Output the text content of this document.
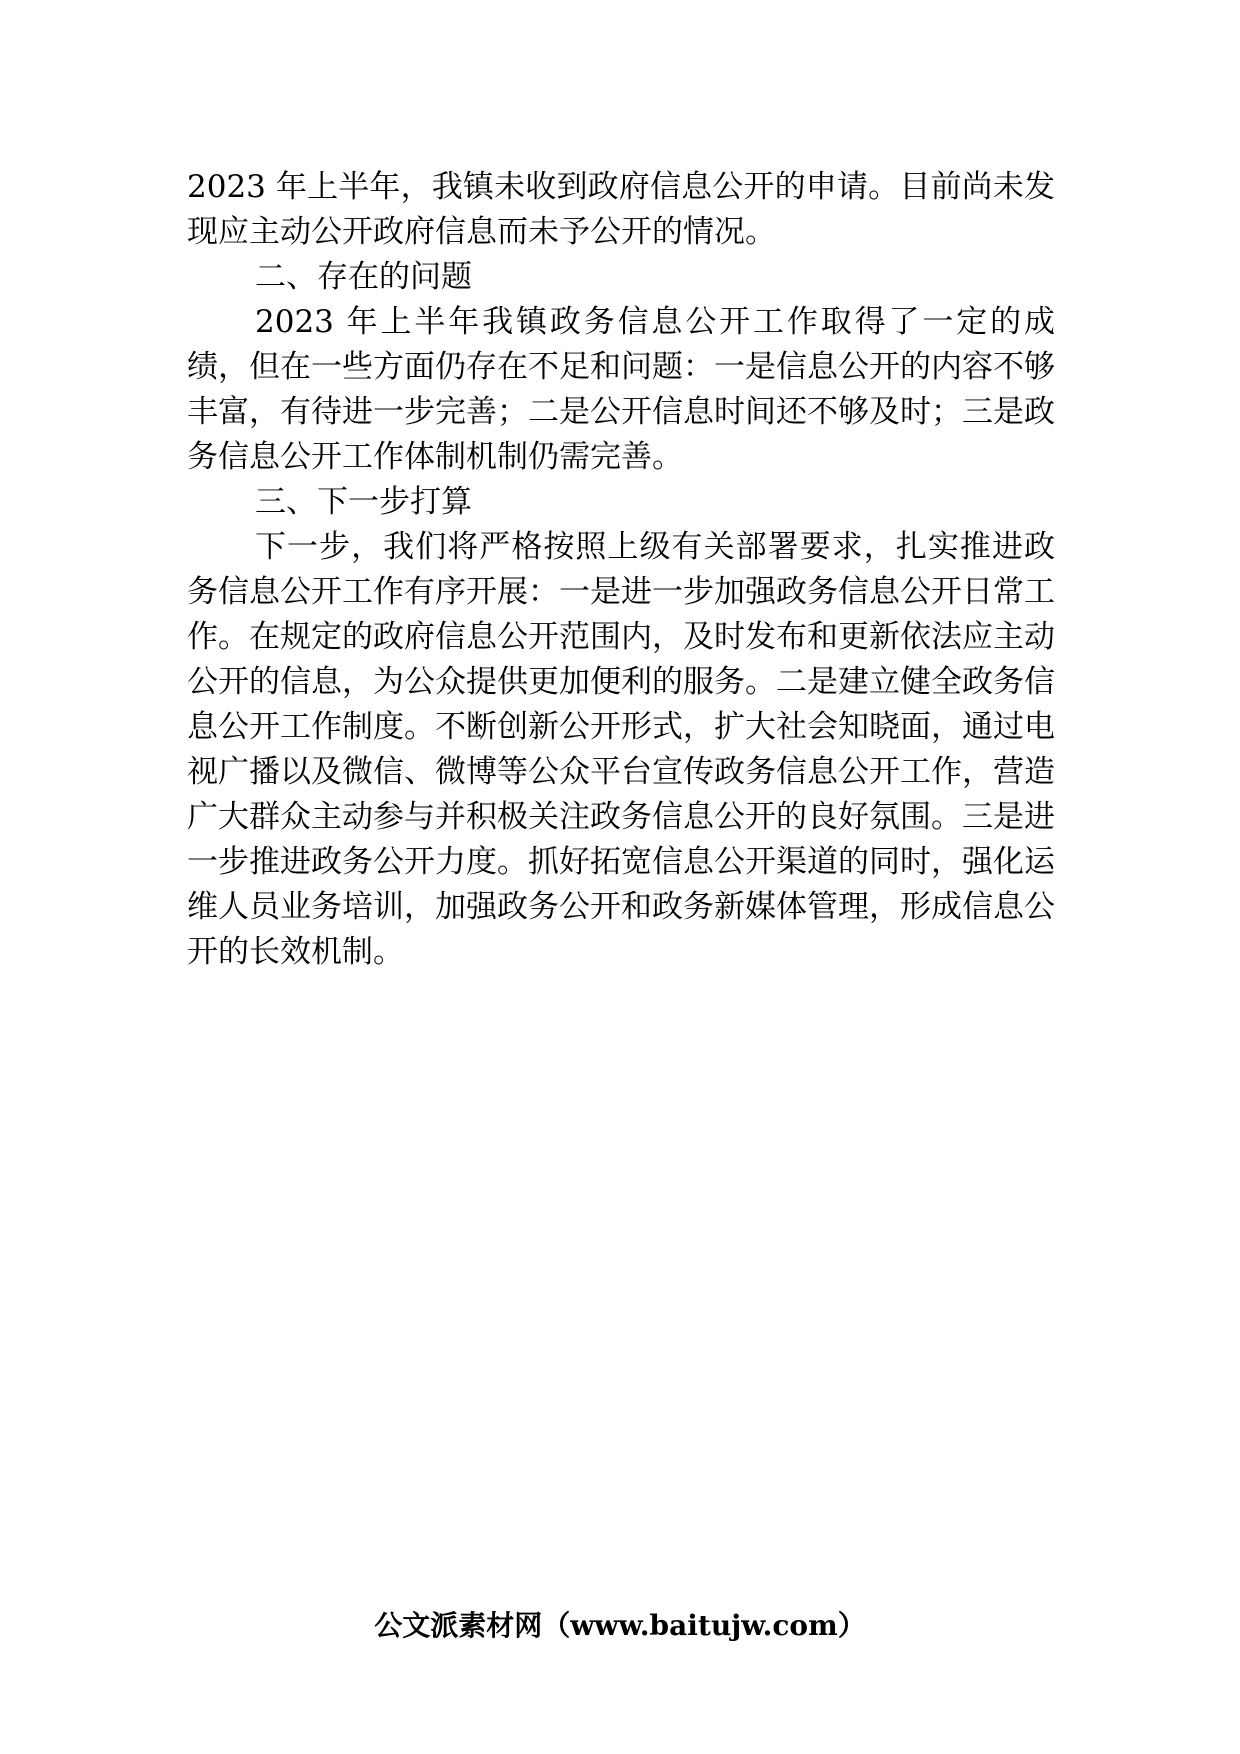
2023 年上半年，我镇未收到政府信息公开的申请。目前尚未发现应主动公开政府信息而未予公开的情况。

二、存在的问题

2023 年上半年我镇政务信息公开工作取得了一定的成绩，但在一些方面仍存在不足和问题：一是信息公开的内容不够丰富，有待进一步完善；二是公开信息时间还不够及时；三是政务信息公开工作体制机制仍需完善。

三、下一步打算

下一步，我们将严格按照上级有关部署要求，扎实推进政务信息公开工作有序开展：一是进一步加强政务信息公开日常工作。在规定的政府信息公开范围内，及时发布和更新依法应主动公开的信息，为公众提供更加便利的服务。二是建立健全政务信息公开工作制度。不断创新公开形式，扩大社会知晓面，通过电视广播以及微信、微博等公众平台宣传政务信息公开工作，营造广大群众主动参与并积极关注政务信息公开的良好氛围。三是进一步推进政务公开力度。抓好拓宽信息公开渠道的同时，强化运维人员业务培训，加强政务公开和政务新媒体管理，形成信息公开的长效机制。

公文派素材网（www.baitujw.com）
